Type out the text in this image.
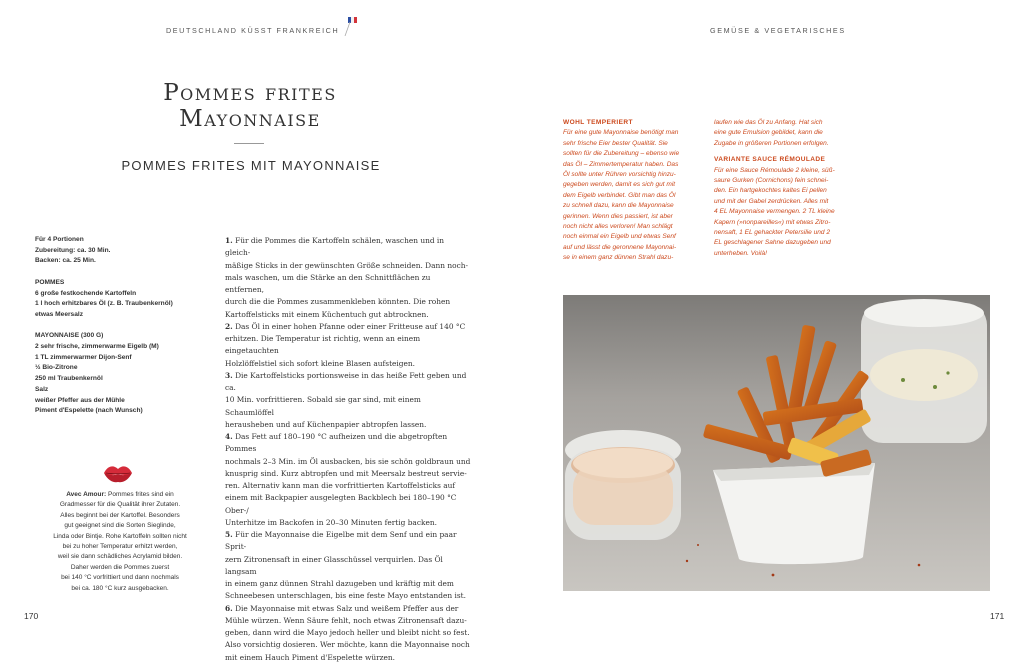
DEUTSCHLAND KÜSST FRANKREICH
Pommes frites
Mayonnaise
POMMES FRITES MIT MAYONNAISE
Für 4 Portionen
Zubereitung: ca. 30 Min.
Backen: ca. 25 Min.
POMMES
6 große festkochende Kartoffeln
1 l hoch erhitzbares Öl (z. B. Traubenkernöl)
etwas Meersalz
MAYONNAISE (300 G)
2 sehr frische, zimmerwarme Eigelb (M)
1 TL zimmerwarmer Dijon-Senf
½ Bio-Zitrone
250 ml Traubenkernöl
Salz
weißer Pfeffer aus der Mühle
Piment d'Espelette (nach Wunsch)
Avec Amour: Pommes frites sind ein
Gradmesser für die Qualität ihrer Zutaten.
Alles beginnt bei der Kartoffel. Besonders
gut geeignet sind die Sorten Sieglinde,
Linda oder Bintje. Rohe Kartoffeln sollten nicht
bei zu hoher Temperatur erhitzt werden,
weil sie dann schädliches Acrylamid bilden.
Daher werden die Pommes zuerst
bei 140 °C vorfrittiert und dann nochmals
bei ca. 180 °C kurz ausgebacken.

1. Für die Pommes die Kartoffeln schälen, waschen und in gleich-
mäßige Sticks in der gewünschten Größe schneiden. Dann noch-
mals waschen, um die Stärke an den Schnittflächen zu entfernen,
durch die die Pommes zusammenkleben könnten. Die rohen
Kartoffelsticks mit einem Küchentuch gut abtrocknen.

2. Das Öl in einer hohen Pfanne oder einer Fritteuse auf 140 °C
erhitzen. Die Temperatur ist richtig, wenn an einem eingetauchten
Holzlöffelstiel sich sofort kleine Blasen aufsteigen.

3. Die Kartoffelsticks portionsweise in das heiße Fett geben und ca.
10 Min. vorfrittieren. Sobald sie gar sind, mit einem Schaumlöffel
herausheben und auf Küchenpapier abtropfen lassen.

4. Das Fett auf 180–190 °C aufheizen und die abgetropften Pommes
nochmals 2–3 Min. im Öl ausbacken, bis sie schön goldbraun und
knusprig sind. Kurz abtropfen und mit Meersalz bestreut servie-
ren. Alternativ kann man die vorfrittierten Kartoffelsticks auf
einem mit Backpapier ausgelegten Backblech bei 180–190 °C Ober-/
Unterhitze im Backofen in 20–30 Minuten fertig backen.

5. Für die Mayonnaise die Eigelbe mit dem Senf und ein paar Sprit-
zern Zitronensaft in einer Glasschüssel verquirlen. Das Öl langsam
in einem ganz dünnen Strahl dazugeben und kräftig mit dem
Schneebesen unterschlagen, bis eine feste Mayo entstanden ist.

6. Die Mayonnaise mit etwas Salz und weißem Pfeffer aus der
Mühle würzen. Wenn Säure fehlt, noch etwas Zitronensaft dazu-
geben, dann wird die Mayo jedoch heller und bleibt nicht so fest.
Also vorsichtig dosieren. Wer möchte, kann die Mayonnaise noch
mit einem Hauch Piment d'Espelette würzen.

170
GEMÜSE & VEGETARISCHES
WOHL TEMPERIERT
Für eine gute Mayonnaise benötigt man
sehr frische Eier bester Qualität. Sie
sollten für die Zubereitung – ebenso wie
das Öl – Zimmertemperatur haben. Das
Öl sollte unter Rühren vorsichtig hinzu-
gegeben werden, damit es sich gut mit
dem Eigelb verbindet. Gibt man das Öl
zu schnell dazu, kann die Mayonnaise
gerinnen. Wenn dies passiert, ist aber
noch nicht alles verloren! Man schlägt
noch einmal ein Eigelb und etwas Senf
auf und lässt die geronnene Mayonnai-
se in einem ganz dünnen Strahl dazu-
laufen wie das Öl zu Anfang. Hat sich
eine gute Emulsion gebildet, kann die
Zugabe in größeren Portionen erfolgen.
VARIANTE SAUCE RÉMOULADE
Für eine Sauce Rémoulade 2 kleine, süß-
saure Gurken (Cornichons) fein schnei-
den. Ein hartgekochtes kaltes Ei pellen
und mit der Gabel zerdrücken. Alles mit
4 EL Mayonnaise vermengen. 2 TL kleine
Kapern (»nonpareilles«) mit etwas Zitro-
nensaft, 1 EL gehackter Petersilie und 2
EL geschlagener Sahne dazugeben und
unterheben. Voilà!
171
